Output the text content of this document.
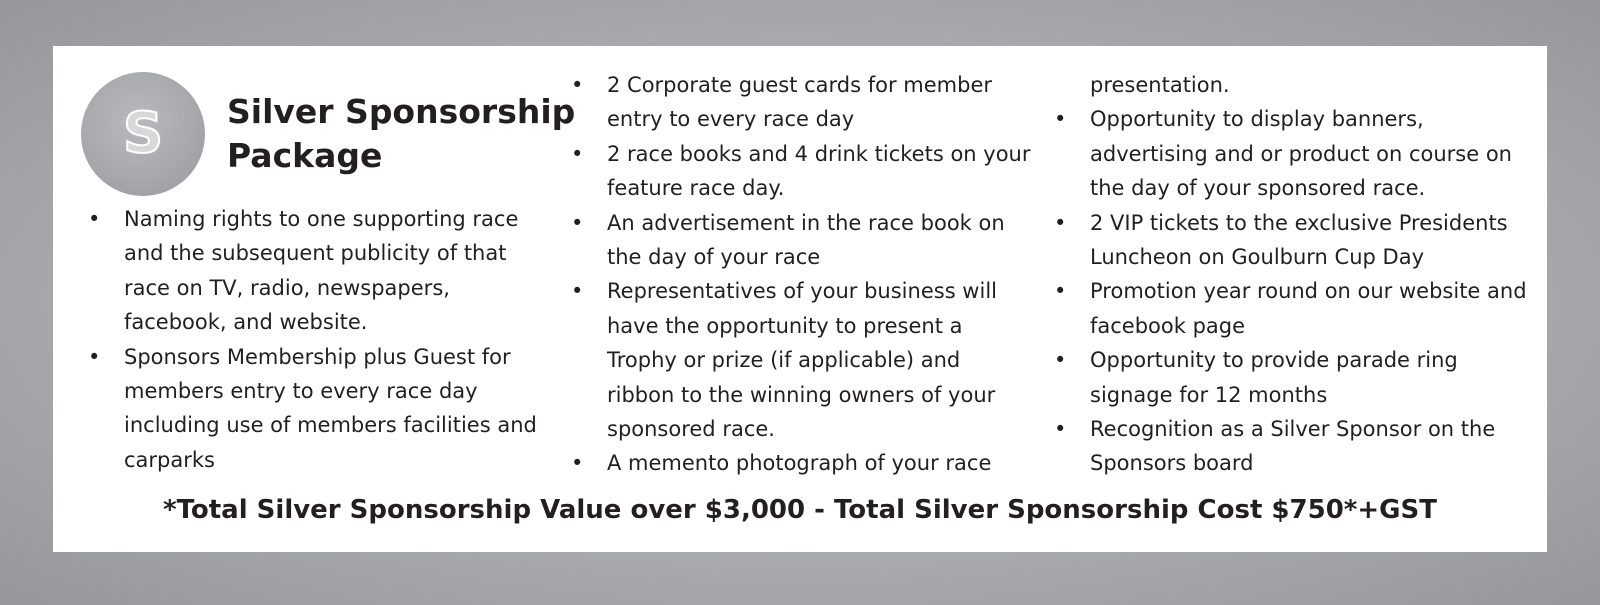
S	Silver Sponsorship
Package
• Naming rights to one supporting race and the subsequent publicity of that race on TV, radio, newspapers, facebook, and website.
• Sponsors Membership plus Guest for members entry to every race day including use of members facilities and carparks
• 2 Corporate guest cards for member entry to every race day
• 2 race books and 4 drink tickets on your feature race day.
• An advertisement in the race book on the day of your race
• Representatives of your business will have the opportunity to present a Trophy or prize (if applicable) and ribbon to the winning owners of your sponsored race.
• A memento photograph of your race
presentation.
• Opportunity to display banners, advertising and or product on course on the day of your sponsored race.
• 2 VIP tickets to the exclusive Presidents Luncheon on Goulburn Cup Day
• Promotion year round on our website and facebook page
• Opportunity to provide parade ring signage for 12 months
• Recognition as a Silver Sponsor on the Sponsors board

*Total Silver Sponsorship Value over $3,000 - Total Silver Sponsorship Cost $750*+GST
